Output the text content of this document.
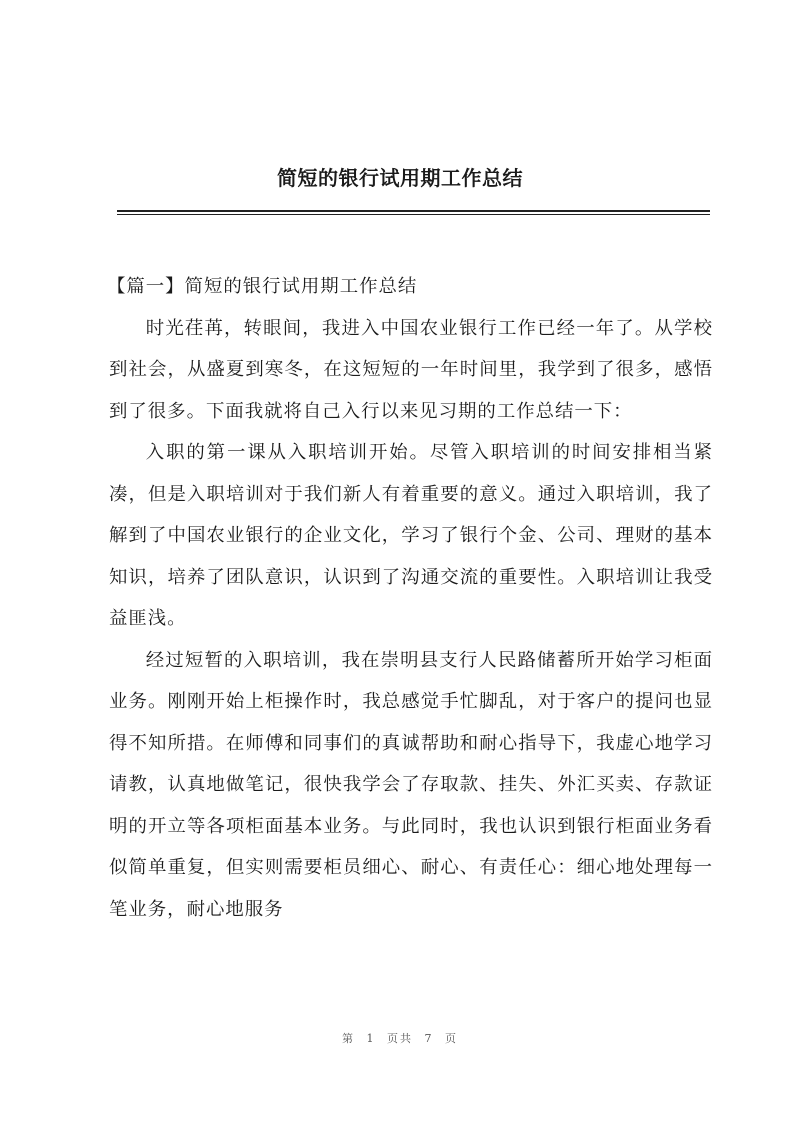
简短的银行试用期工作总结

【篇一】简短的银行试用期工作总结

时光荏苒，转眼间，我进入中国农业银行工作已经一年了。从学校到社会，从盛夏到寒冬，在这短短的一年时间里，我学到了很多，感悟到了很多。下面我就将自己入行以来见习期的工作总结一下：

入职的第一课从入职培训开始。尽管入职培训的时间安排相当紧凑，但是入职培训对于我们新人有着重要的意义。通过入职培训，我了解到了中国农业银行的企业文化，学习了银行个金、公司、理财的基本知识，培养了团队意识，认识到了沟通交流的重要性。入职培训让我受益匪浅。

经过短暂的入职培训，我在崇明县支行人民路储蓄所开始学习柜面业务。刚刚开始上柜操作时，我总感觉手忙脚乱，对于客户的提问也显得不知所措。在师傅和同事们的真诚帮助和耐心指导下，我虚心地学习请教，认真地做笔记，很快我学会了存取款、挂失、外汇买卖、存款证明的开立等各项柜面基本业务。与此同时，我也认识到银行柜面业务看似简单重复，但实则需要柜员细心、耐心、有责任心：细心地处理每一笔业务，耐心地服务

第 1 页共 7 页
